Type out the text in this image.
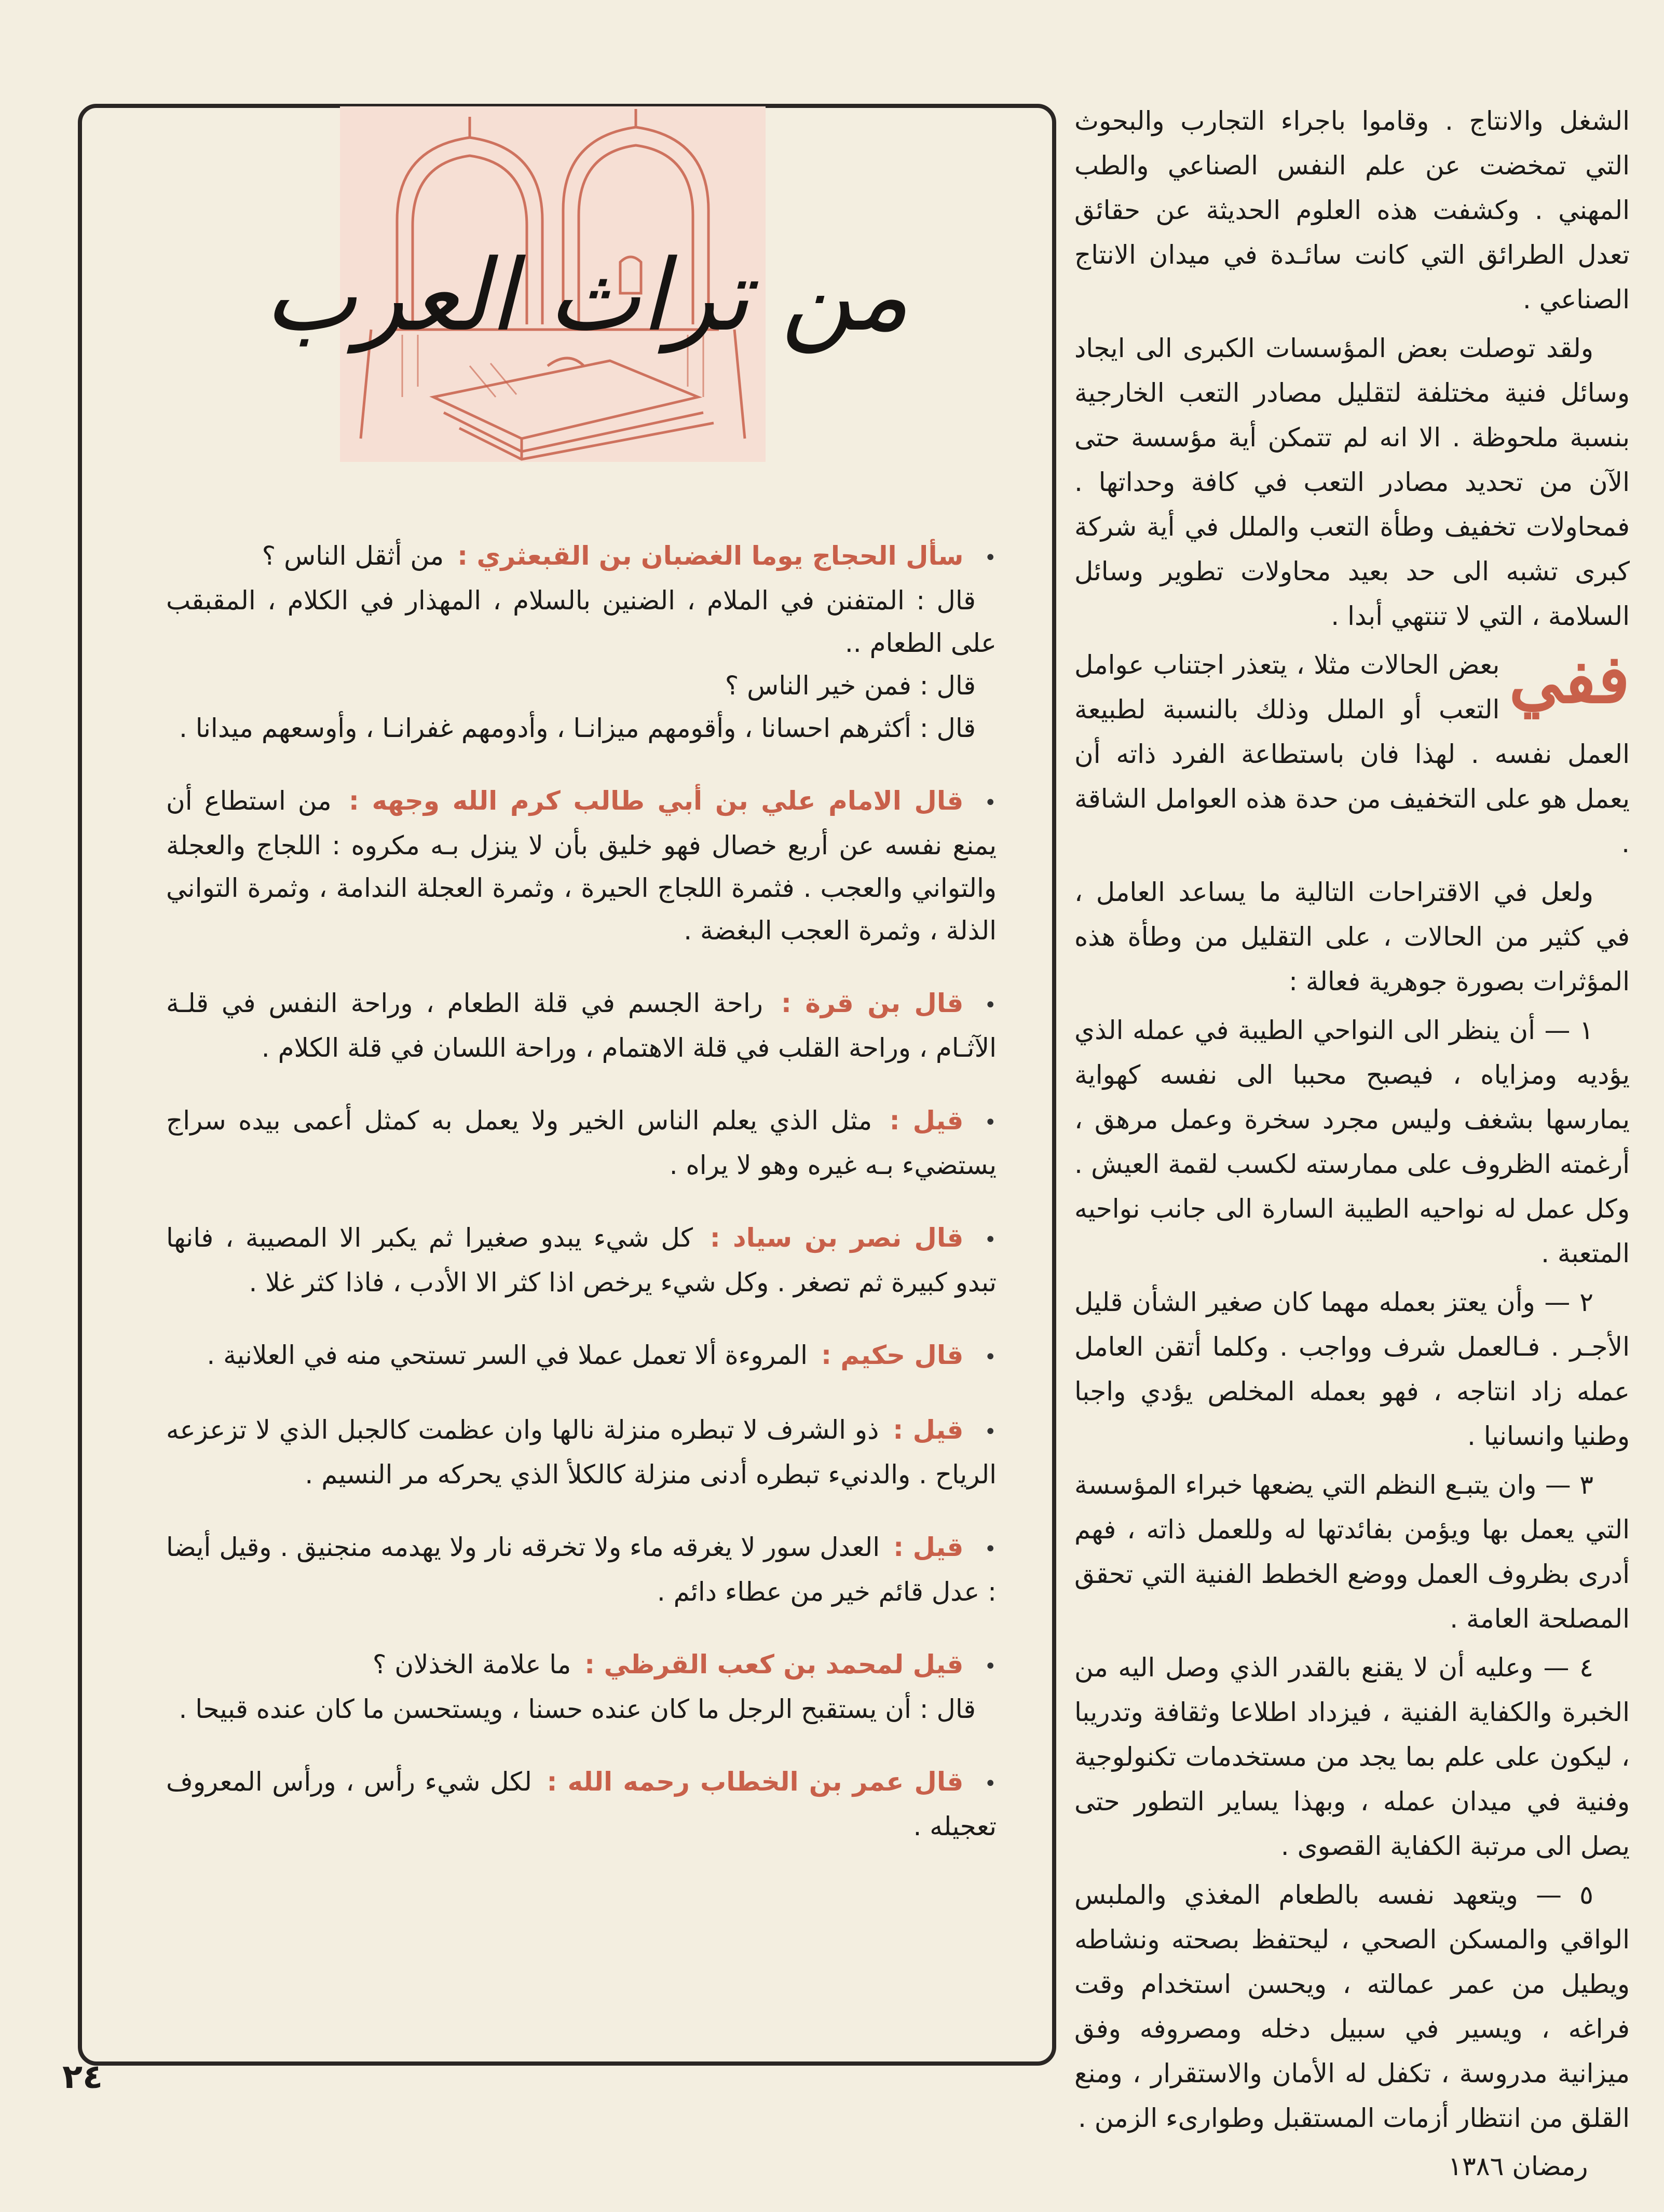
الشغل والانتاج . وقاموا باجراء التجارب والبحوث التي تمخضت عن علم النفس الصناعي والطب المهني . وكشفت هذه العلوم الحديثة عن حقائق تعدل الطرائق التي كانت سائـدة في ميدان الانتاج الصناعي .

ولقد توصلت بعض المؤسسات الكبرى الى ايجاد وسائل فنية مختلفة لتقليل مصادر التعب الخارجية بنسبة ملحوظة . الا انه لم تتمكن أية مؤسسة حتى الآن من تحديد مصادر التعب في كافة وحداتها . فمحاولات تخفيف وطأة التعب والملل في أية شركة كبرى تشبه الى حد بعيد محاولات تطوير وسائل السلامة ، التي لا تنتهي أبدا .

ففي
بعض الحالات مثلا ، يتعذر اجتناب عوامل التعب أو الملل وذلك بالنسبة لطبيعة العمل نفسه . لهذا فان باستطاعة الفرد ذاته أن يعمل هو على التخفيف من حدة هذه العوامل الشاقة .

ولعل في الاقتراحات التالية ما يساعد العامل ، في كثير من الحالات ، على التقليل من وطأة هذه المؤثرات بصورة جوهرية فعالة :

١ — أن ينظر الى النواحي الطيبة في عمله الذي يؤديه ومزاياه ، فيصبح محببا الى نفسه كهواية يمارسها بشغف وليس مجرد سخرة وعمل مرهق ، أرغمته الظروف على ممارسته لكسب لقمة العيش . وكل عمل له نواحيه الطيبة السارة الى جانب نواحيه المتعبة .

٢ — وأن يعتز بعمله مهما كان صغير الشأن قليل الأجـر . فـالعمل شرف وواجب . وكلما أتقن العامل عمله زاد انتاجه ، فهو بعمله المخلص يؤدي واجبا وطنيا وانسانيا .

٣ — وان يتبـع النظم التي يضعها خبراء المؤسسة التي يعمل بها ويؤمن بفائدتها له وللعمل ذاته ، فهم أدرى بظروف العمل ووضع الخطط الفنية التي تحقق المصلحة العامة .

٤ — وعليه أن لا يقنع بالقدر الذي وصل اليه من الخبرة والكفاية الفنية ، فيزداد اطلاعا وثقافة وتدريبا ، ليكون على علم بما يجد من مستخدمات تكنولوجية وفنية في ميدان عمله ، وبهذا يساير التطور حتى يصل الى مرتبة الكفاية القصوى .

٥ — ويتعهد نفسه بالطعام المغذي والملبس الواقي والمسكن الصحي ، ليحتفظ بصحته ونشاطه ويطيل من عمر عمالته ، ويحسن استخدام وقت فراغه ، ويسير في سبيل دخله ومصروفه وفق ميزانية مدروسة ، تكفل له الأمان والاستقرار ، ومنع القلق من انتظار أزمات المستقبل وطوارىء الزمن .

من تراث العرب

•سأل الحجاج يوما الغضبان بن القبعثري : من أثقل الناس ؟

قال : المتفنن في الملام ، الضنين بالسلام ، المهذار في الكلام ، المقبقب على الطعام ..

قال : فمن خير الناس ؟

قال : أكثرهم احسانا ، وأقومهم ميزانـا ، وأدومهم غفرانـا ، وأوسعهم ميدانا .

•قال الامام علي بن أبي طالب كرم الله وجهه : من استطاع أن يمنع نفسه عن أربع خصال فهو خليق بأن لا ينزل بـه مكروه : اللجاج والعجلة والتواني والعجب . فثمرة اللجاج الحيرة ، وثمرة العجلة الندامة ، وثمرة التواني الذلة ، وثمرة العجب البغضة .

•قال بن قرة : راحة الجسم في قلة الطعام ، وراحة النفس في قلـة الآثـام ، وراحة القلب في قلة الاهتمام ، وراحة اللسان في قلة الكلام .

•قيل : مثل الذي يعلم الناس الخير ولا يعمل به كمثل أعمى بيده سراج يستضيء بـه غيره وهو لا يراه .

•قال نصر بن سياد : كل شيء يبدو صغيرا ثم يكبر الا المصيبة ، فانها تبدو كبيرة ثم تصغر . وكل شيء يرخص اذا كثر الا الأدب ، فاذا كثر غلا .

•قال حكيم : المروءة ألا تعمل عملا في السر تستحي منه في العلانية .

•قيل : ذو الشرف لا تبطره منزلة نالها وان عظمت كالجبل الذي لا تزعزعه الرياح . والدنيء تبطره أدنى منزلة كالكلأ الذي يحركه مر النسيم .

•قيل : العدل سور لا يغرقه ماء ولا تخرقه نار ولا يهدمه منجنيق . وقيل أيضا : عدل قائم خير من عطاء دائم .

•قيل لمحمد بن كعب القرظي : ما علامة الخذلان ؟

قال : أن يستقبح الرجل ما كان عنده حسنا ، ويستحسن ما كان عنده قبيحا .

•قال عمر بن الخطاب رحمه الله : لكل شيء رأس ، ورأس المعروف تعجيله .

٢٤
رمضان ١٣٨٦
